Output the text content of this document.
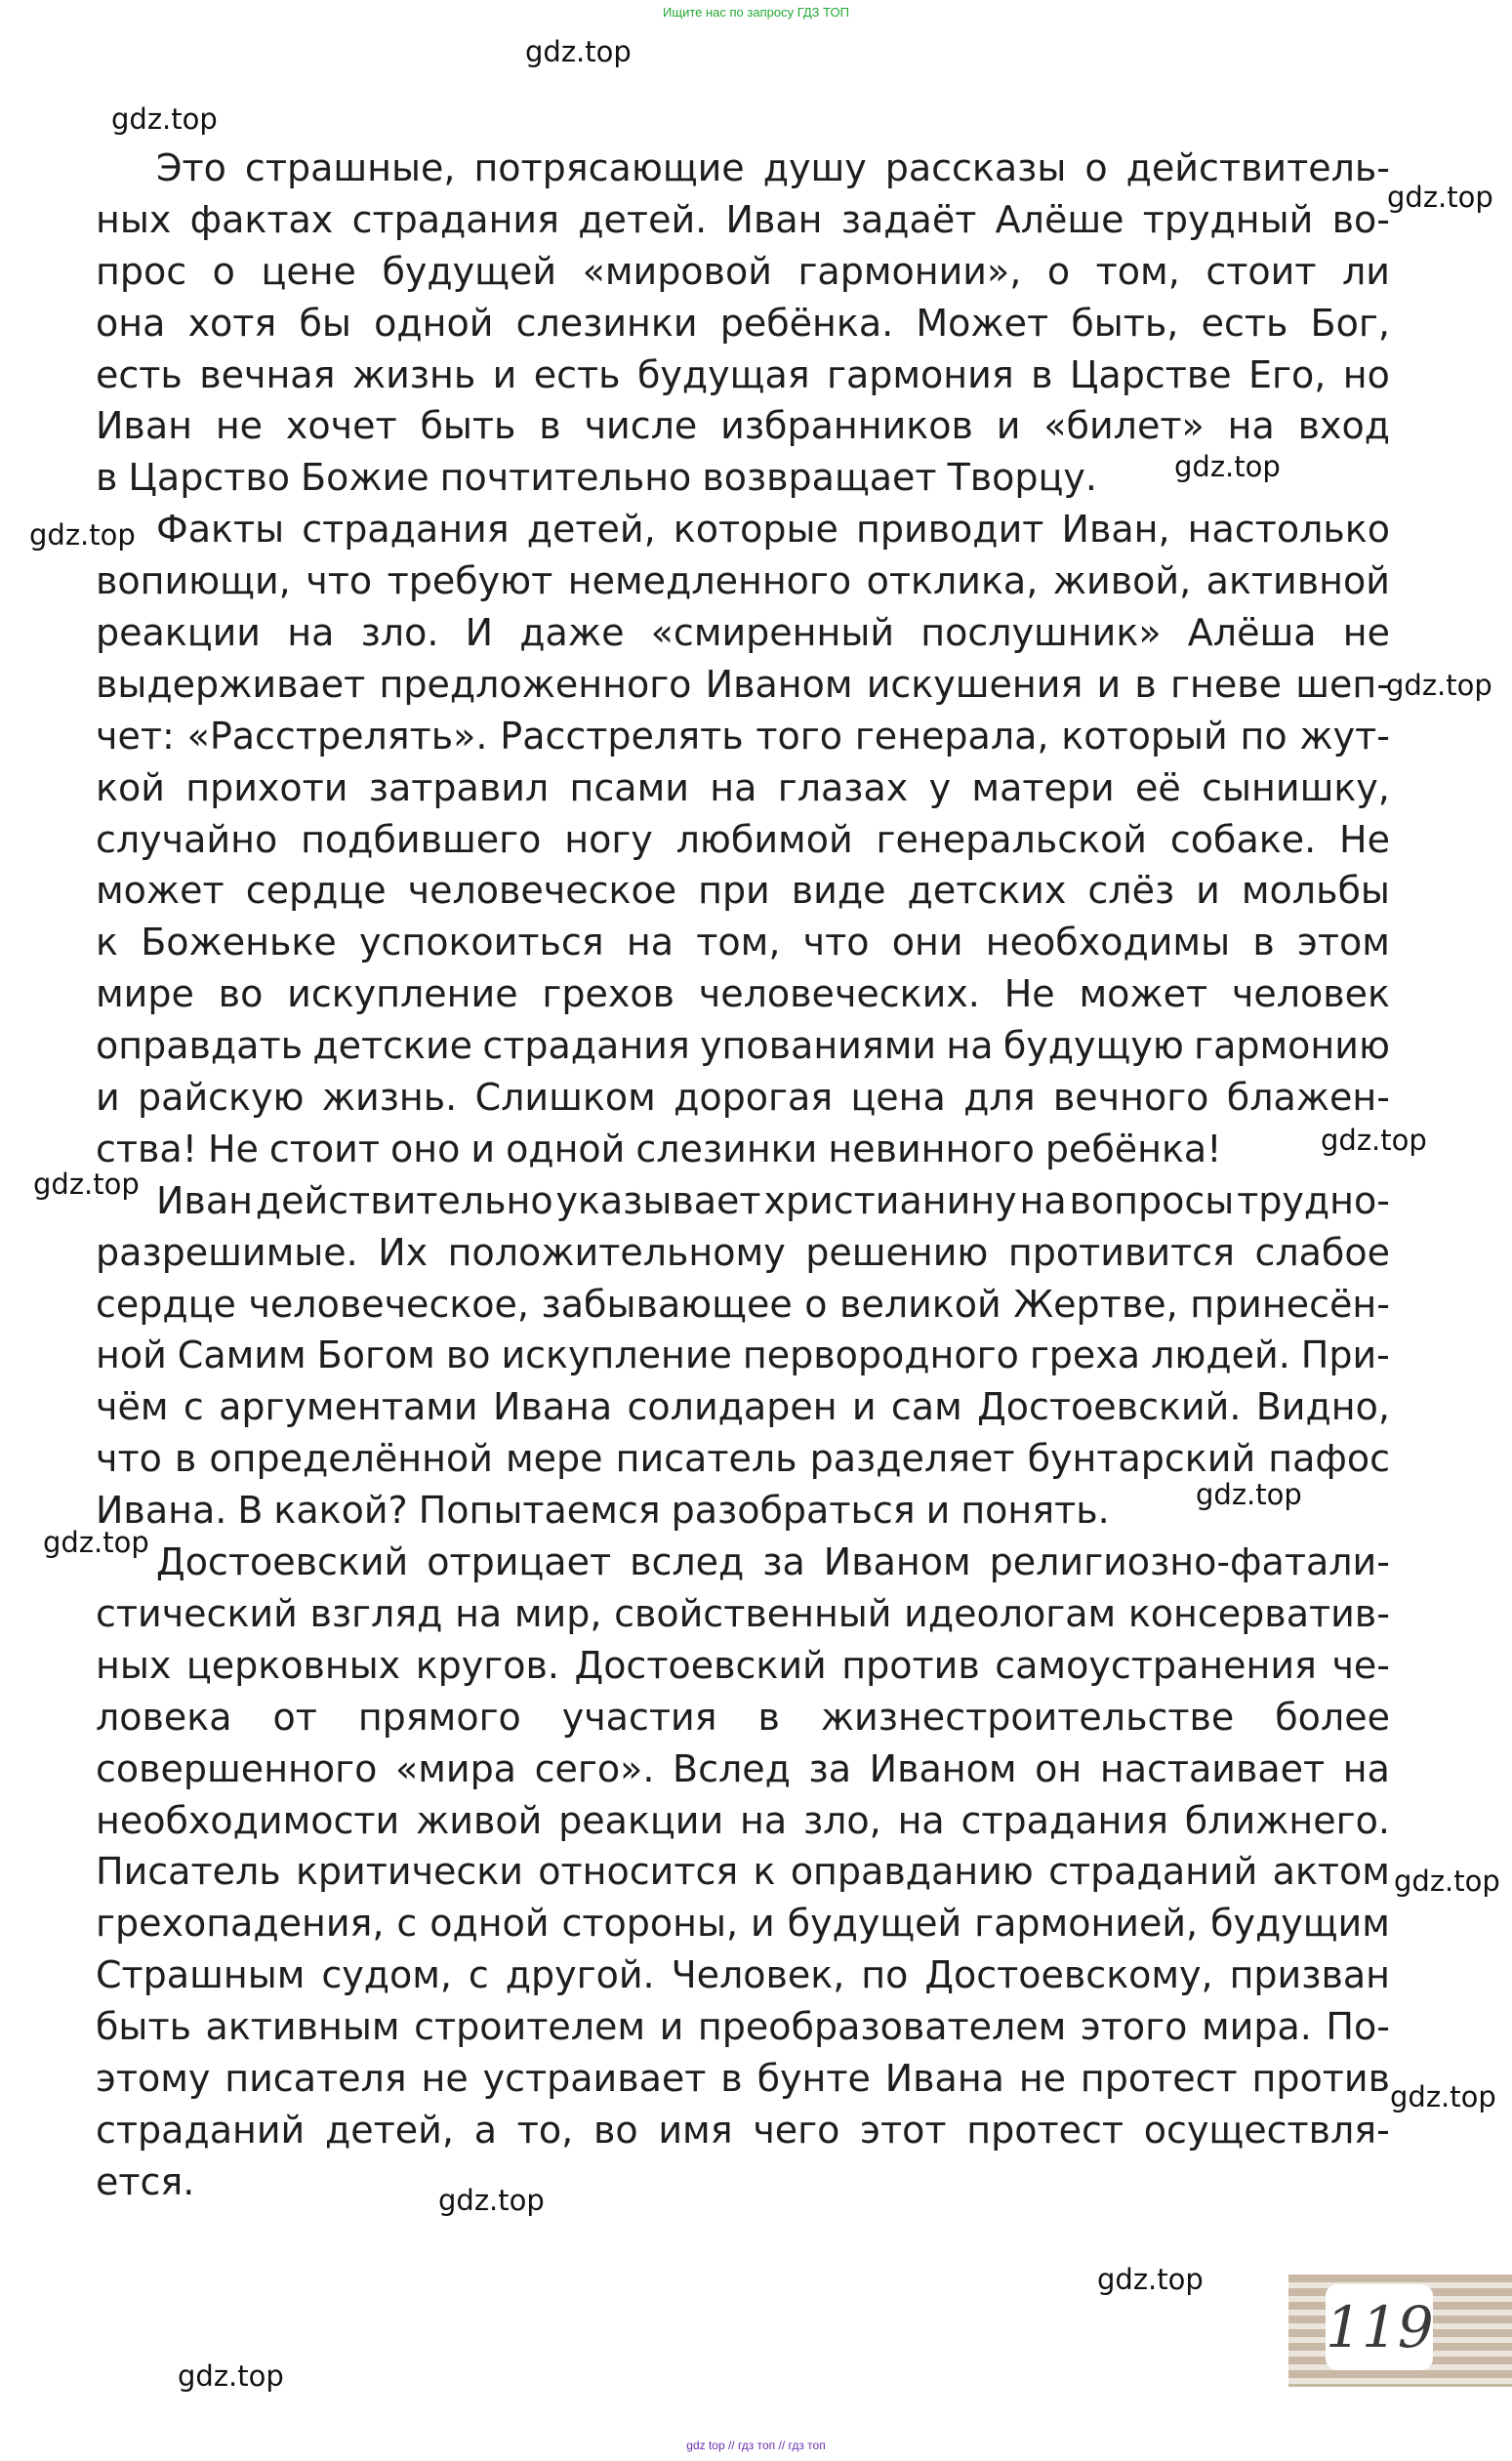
Ищите нас по запросу ГДЗ ТОП
Это страшные, потрясающие душу рассказы о действитель-
ных фактах страдания детей. Иван задаёт Алёше трудный во-
прос о цене будущей «мировой гармонии», о том, стоит ли
она хотя бы одной слезинки ребёнка. Может быть, есть Бог,
есть вечная жизнь и есть будущая гармония в Царстве Его, но
Иван не хочет быть в числе избранников и «билет» на вход
в Царство Божие почтительно возвращает Творцу.
Факты страдания детей, которые приводит Иван, настолько
вопиющи, что требуют немедленного отклика, живой, активной
реакции на зло. И даже «смиренный послушник» Алёша не
выдерживает предложенного Иваном искушения и в гневе шеп-
чет: «Расстрелять». Расстрелять того генерала, который по жут-
кой прихоти затравил псами на глазах у матери её сынишку,
случайно подбившего ногу любимой генеральской собаке. Не
может сердце человеческое при виде детских слёз и мольбы
к Боженьке успокоиться на том, что они необходимы в этом
мире во искупление грехов человеческих. Не может человек
оправдать детские страдания упованиями на будущую гармонию
и райскую жизнь. Слишком дорогая цена для вечного блажен-
ства! Не стоит оно и одной слезинки невинного ребёнка!
Иван действительно указывает христианину на вопросы трудно-
разрешимые. Их положительному решению противится слабое
сердце человеческое, забывающее о великой Жертве, принесён-
ной Самим Богом во искупление первородного греха людей. При-
чём с аргументами Ивана солидарен и сам Достоевский. Видно,
что в определённой мере писатель разделяет бунтарский пафос
Ивана. В какой? Попытаемся разобраться и понять.
Достоевский отрицает вслед за Иваном религиозно-фатали-
стический взгляд на мир, свойственный идеологам консерватив-
ных церковных кругов. Достоевский против самоустранения че-
ловека от прямого участия в жизнестроительстве более
совершенного «мира сего». Вслед за Иваном он настаивает на
необходимости живой реакции на зло, на страдания ближнего.
Писатель критически относится к оправданию страданий актом
грехопадения, с одной стороны, и будущей гармонией, будущим
Страшным судом, с другой. Человек, по Достоевскому, призван
быть активным строителем и преобразователем этого мира. По-
этому писателя не устраивает в бунте Ивана не протест против
страданий детей, а то, во имя чего этот протест осуществля-
ется.
gdz.top
gdz.top
gdz.top
gdz.top
gdz.top
gdz.top
gdz.top
gdz.top
gdz.top
gdz.top
gdz.top
gdz.top
gdz.top
gdz.top
gdz.top
119
gdz top // гдз топ // гдз топ
